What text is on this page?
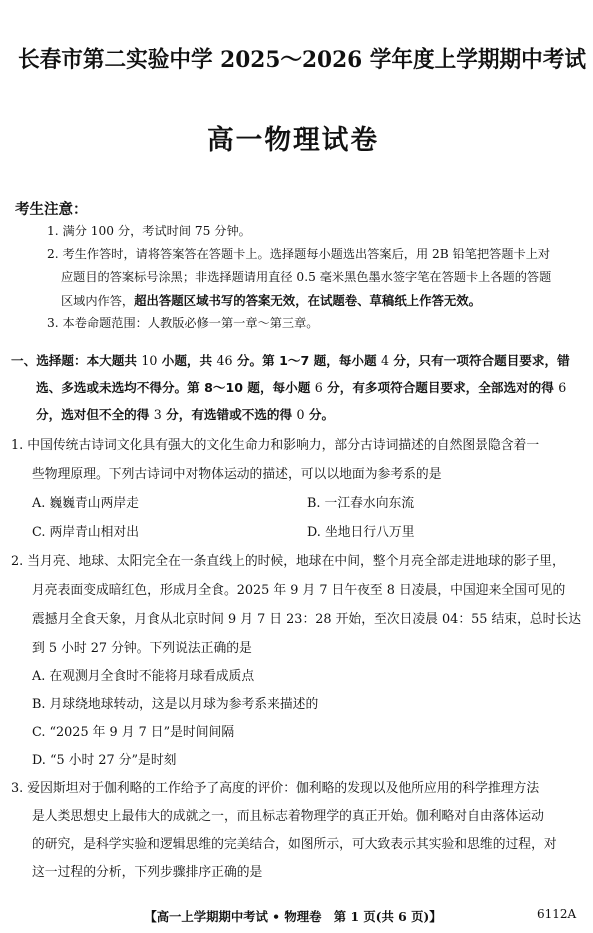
长春市第二实验中学 2025～2026 学年度上学期期中考试
高一物理试卷
考生注意：
1. 满分 100 分，考试时间 75 分钟。
2. 考生作答时，请将答案答在答题卡上。选择题每小题选出答案后，用 2B 铅笔把答题卡上对
应题目的答案标号涂黑；非选择题请用直径 0.5 毫米黑色墨水签字笔在答题卡上各题的答题
区域内作答，超出答题区域书写的答案无效，在试题卷、草稿纸上作答无效。
3. 本卷命题范围：人教版必修一第一章～第三章。
一、选择题：本大题共 10 小题，共 46 分。第 1～7 题，每小题 4 分，只有一项符合题目要求，错
选、多选或未选均不得分。第 8～10 题，每小题 6 分，有多项符合题目要求，全部选对的得 6
分，选对但不全的得 3 分，有选错或不选的得 0 分。
1. 中国传统古诗词文化具有强大的文化生命力和影响力，部分古诗词描述的自然图景隐含着一
些物理原理。下列古诗词中对物体运动的描述，可以以地面为参考系的是
A. 巍巍青山两岸走	B. 一江春水向东流
C. 两岸青山相对出	D. 坐地日行八万里
2. 当月亮、地球、太阳完全在一条直线上的时候，地球在中间，整个月亮全部走进地球的影子里，
月亮表面变成暗红色，形成月全食。2025 年 9 月 7 日午夜至 8 日凌晨，中国迎来全国可见的
震撼月全食天象，月食从北京时间 9 月 7 日 23：28 开始，至次日凌晨 04：55 结束，总时长达
到 5 小时 27 分钟。下列说法正确的是
A. 在观测月全食时不能将月球看成质点
B. 月球绕地球转动，这是以月球为参考系来描述的
C. “2025 年 9 月 7 日”是时间间隔
D. “5 小时 27 分”是时刻
3. 爱因斯坦对于伽利略的工作给予了高度的评价：伽利略的发现以及他所应用的科学推理方法
是人类思想史上最伟大的成就之一，而且标志着物理学的真正开始。伽利略对自由落体运动
的研究，是科学实验和逻辑思维的完美结合，如图所示，可大致表示其实验和思维的过程，对
这一过程的分析，下列步骤排序正确的是
【高一上学期期中考试 • 物理卷　第 1 页(共 6 页)】	6112A
